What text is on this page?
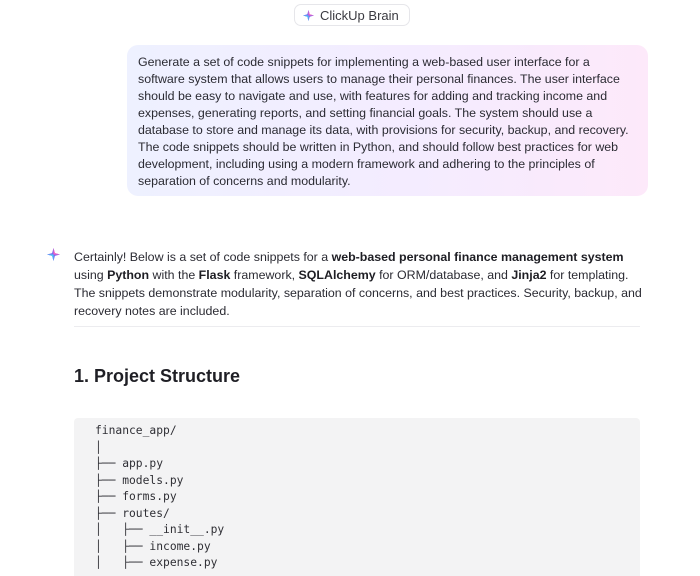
ClickUp Brain
Generate a set of code snippets for implementing a web-based user interface for a software system that allows users to manage their personal finances. The user interface should be easy to navigate and use, with features for adding and tracking income and expenses, generating reports, and setting financial goals. The system should use a database to store and manage its data, with provisions for security, backup, and recovery. The code snippets should be written in Python, and should follow best practices for web development, including using a modern framework and adhering to the principles of separation of concerns and modularity.
Certainly! Below is a set of code snippets for a web-based personal finance management system using Python with the Flask framework, SQLAlchemy for ORM/database, and Jinja2 for templating. The snippets demonstrate modularity, separation of concerns, and best practices. Security, backup, and recovery notes are included.
1. Project Structure
finance_app/
│
├── app.py
├── models.py
├── forms.py
├── routes/
│   ├── __init__.py
│   ├── income.py
│   ├── expense.py
